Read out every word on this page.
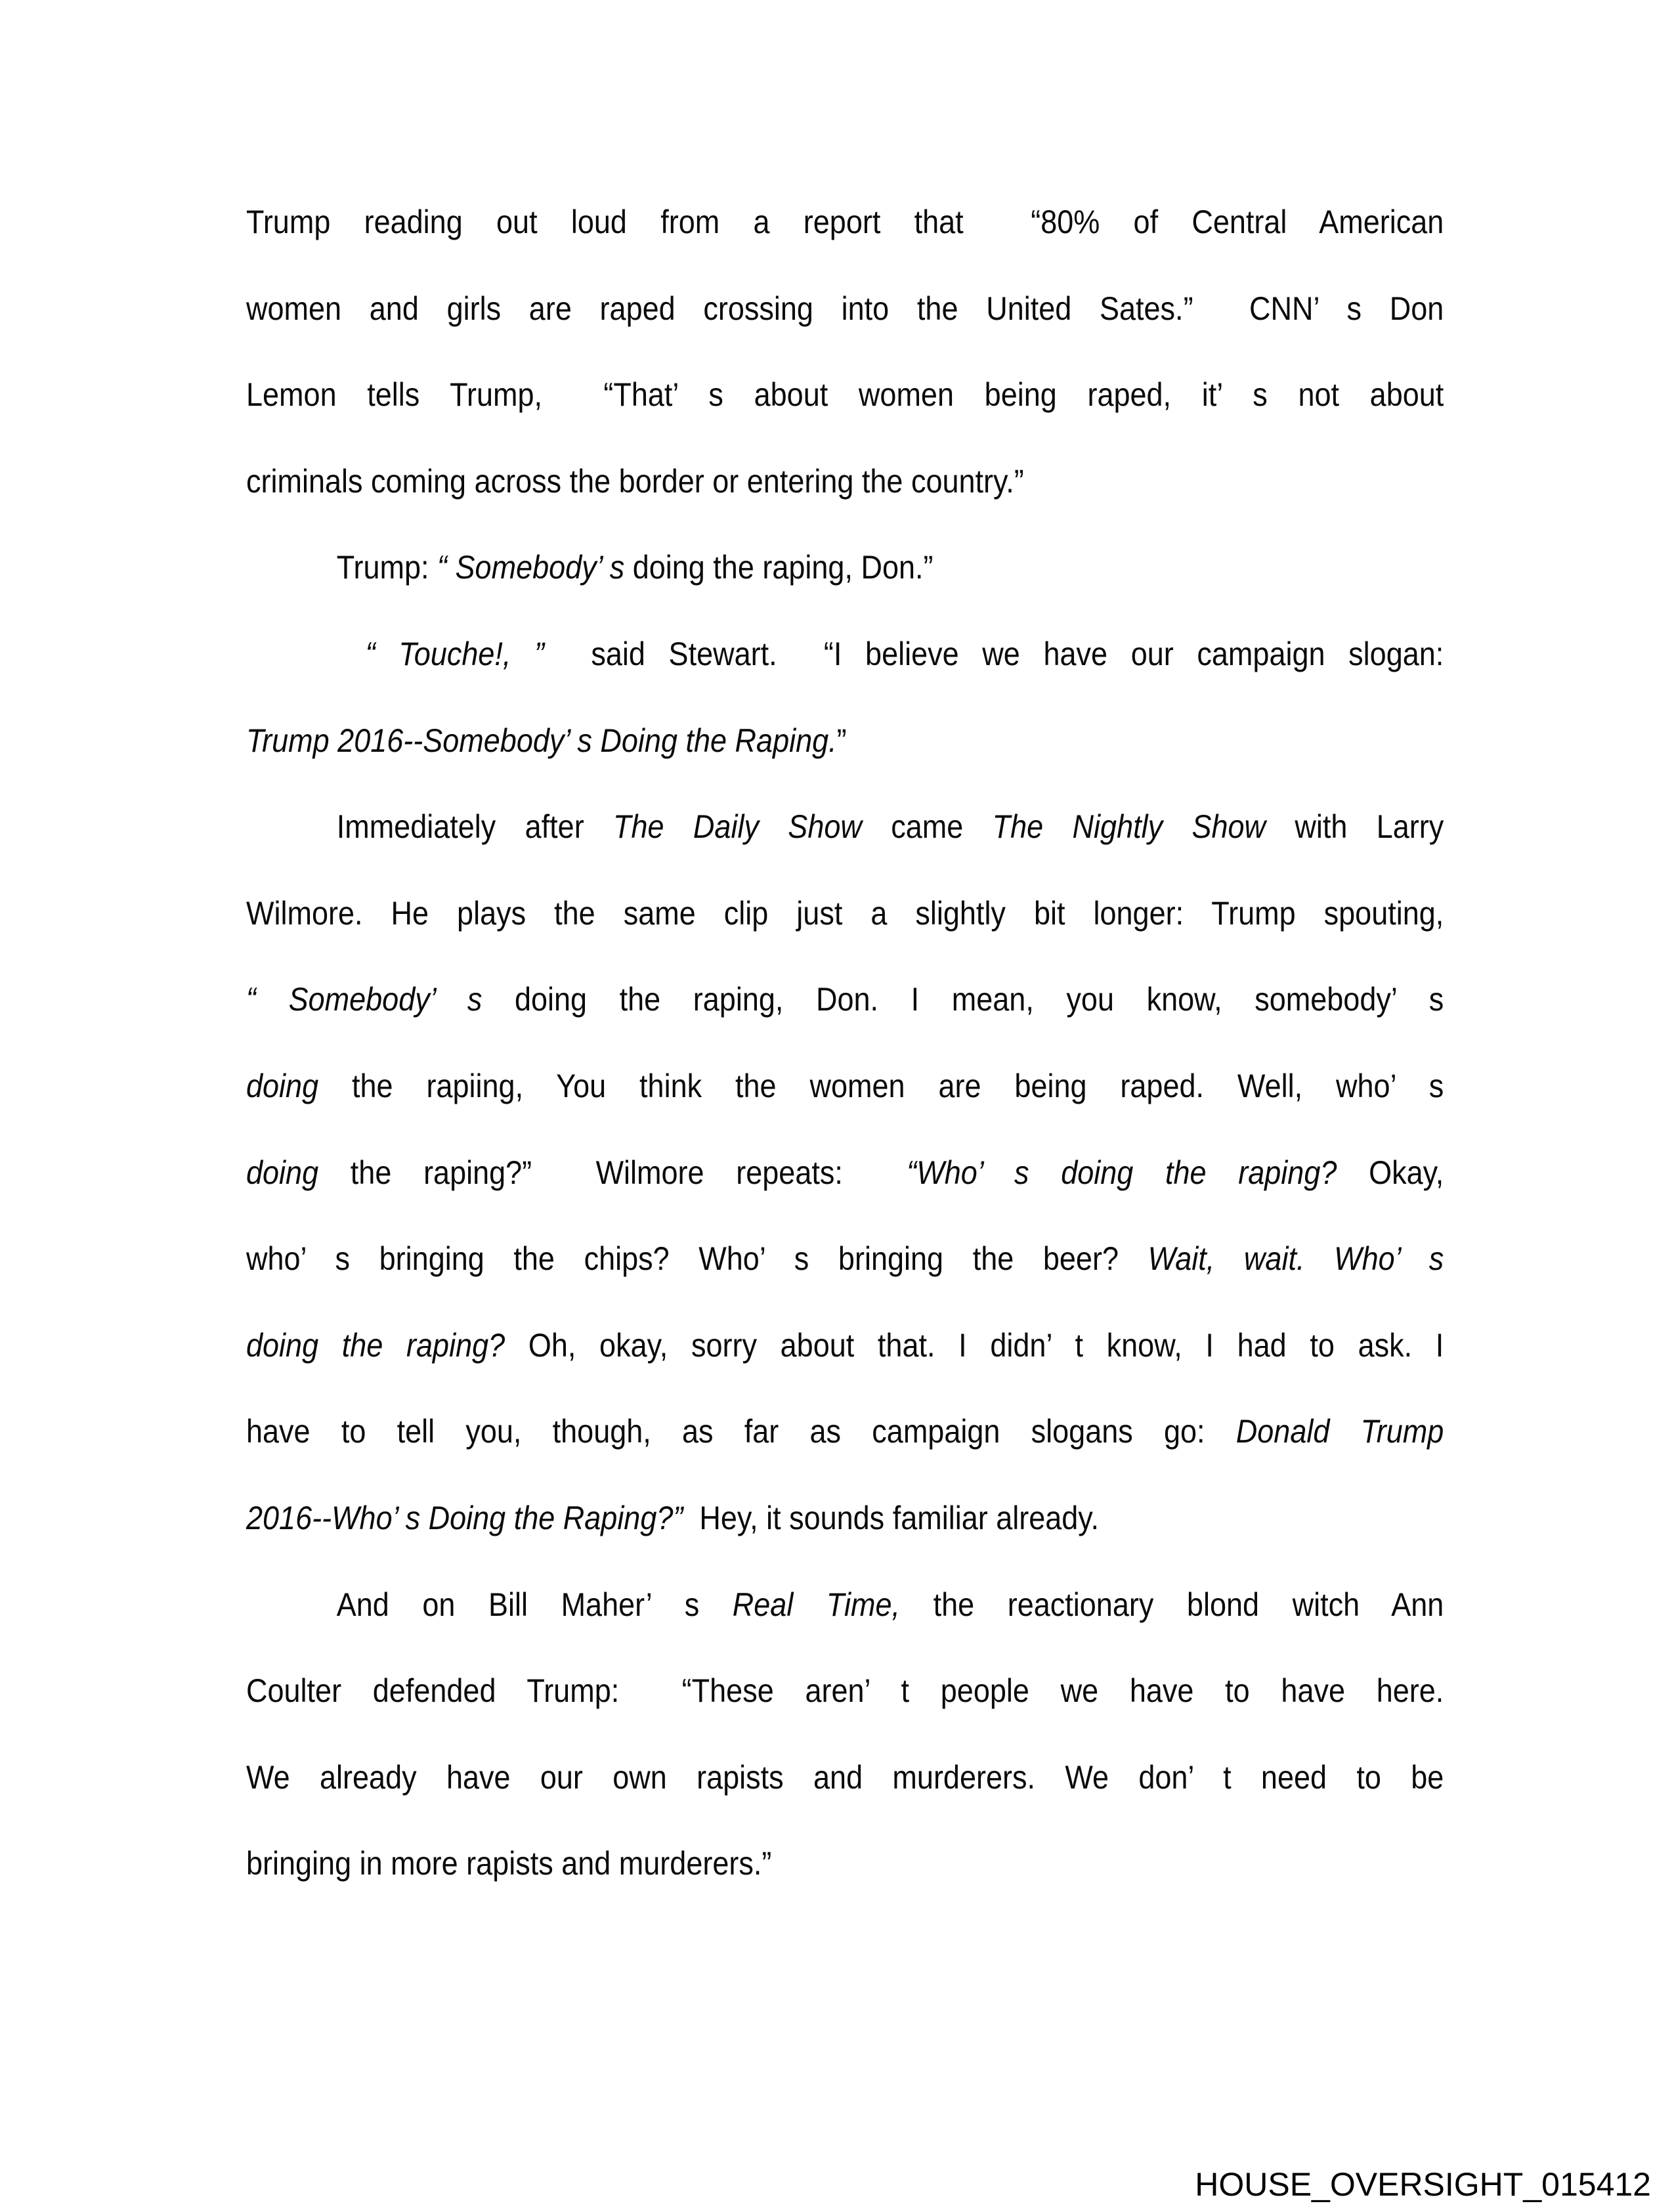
Trump reading out loud from a report that  “80% of Central American
women and girls are raped crossing into the United Sates.”  CNN’ s Don
Lemon tells Trump,  “That’ s about women being raped, it’ s not about
criminals coming across the border or entering the country.”
Trump: “ Somebody’ s doing the raping, Don.”
“ Touche!, ”  said Stewart.  “I believe we have our campaign slogan:
Trump 2016--Somebody’ s Doing the Raping.”
Immediately after The Daily Show came The Nightly Show with Larry
Wilmore. He plays the same clip just a slightly bit longer: Trump spouting,
“ Somebody’ s doing the raping, Don. I mean, you know, somebody’ s
doing the rapiing, You think the women are being raped. Well, who’ s
doing the raping?”  Wilmore repeats:  “Who’ s doing the raping? Okay,
who’ s bringing the chips? Who’ s bringing the beer? Wait, wait. Who’ s
doing the raping? Oh, okay, sorry about that. I didn’ t know, I had to ask. I
have to tell you, though, as far as campaign slogans go: Donald Trump
2016--Who’ s Doing the Raping?”  Hey, it sounds familiar already.
And on Bill Maher’ s Real Time, the reactionary blond witch Ann
Coulter defended Trump:  “These aren’ t people we have to have here.
We already have our own rapists and murderers. We don’ t need to be
bringing in more rapists and murderers.”
HOUSE_OVERSIGHT_015412
